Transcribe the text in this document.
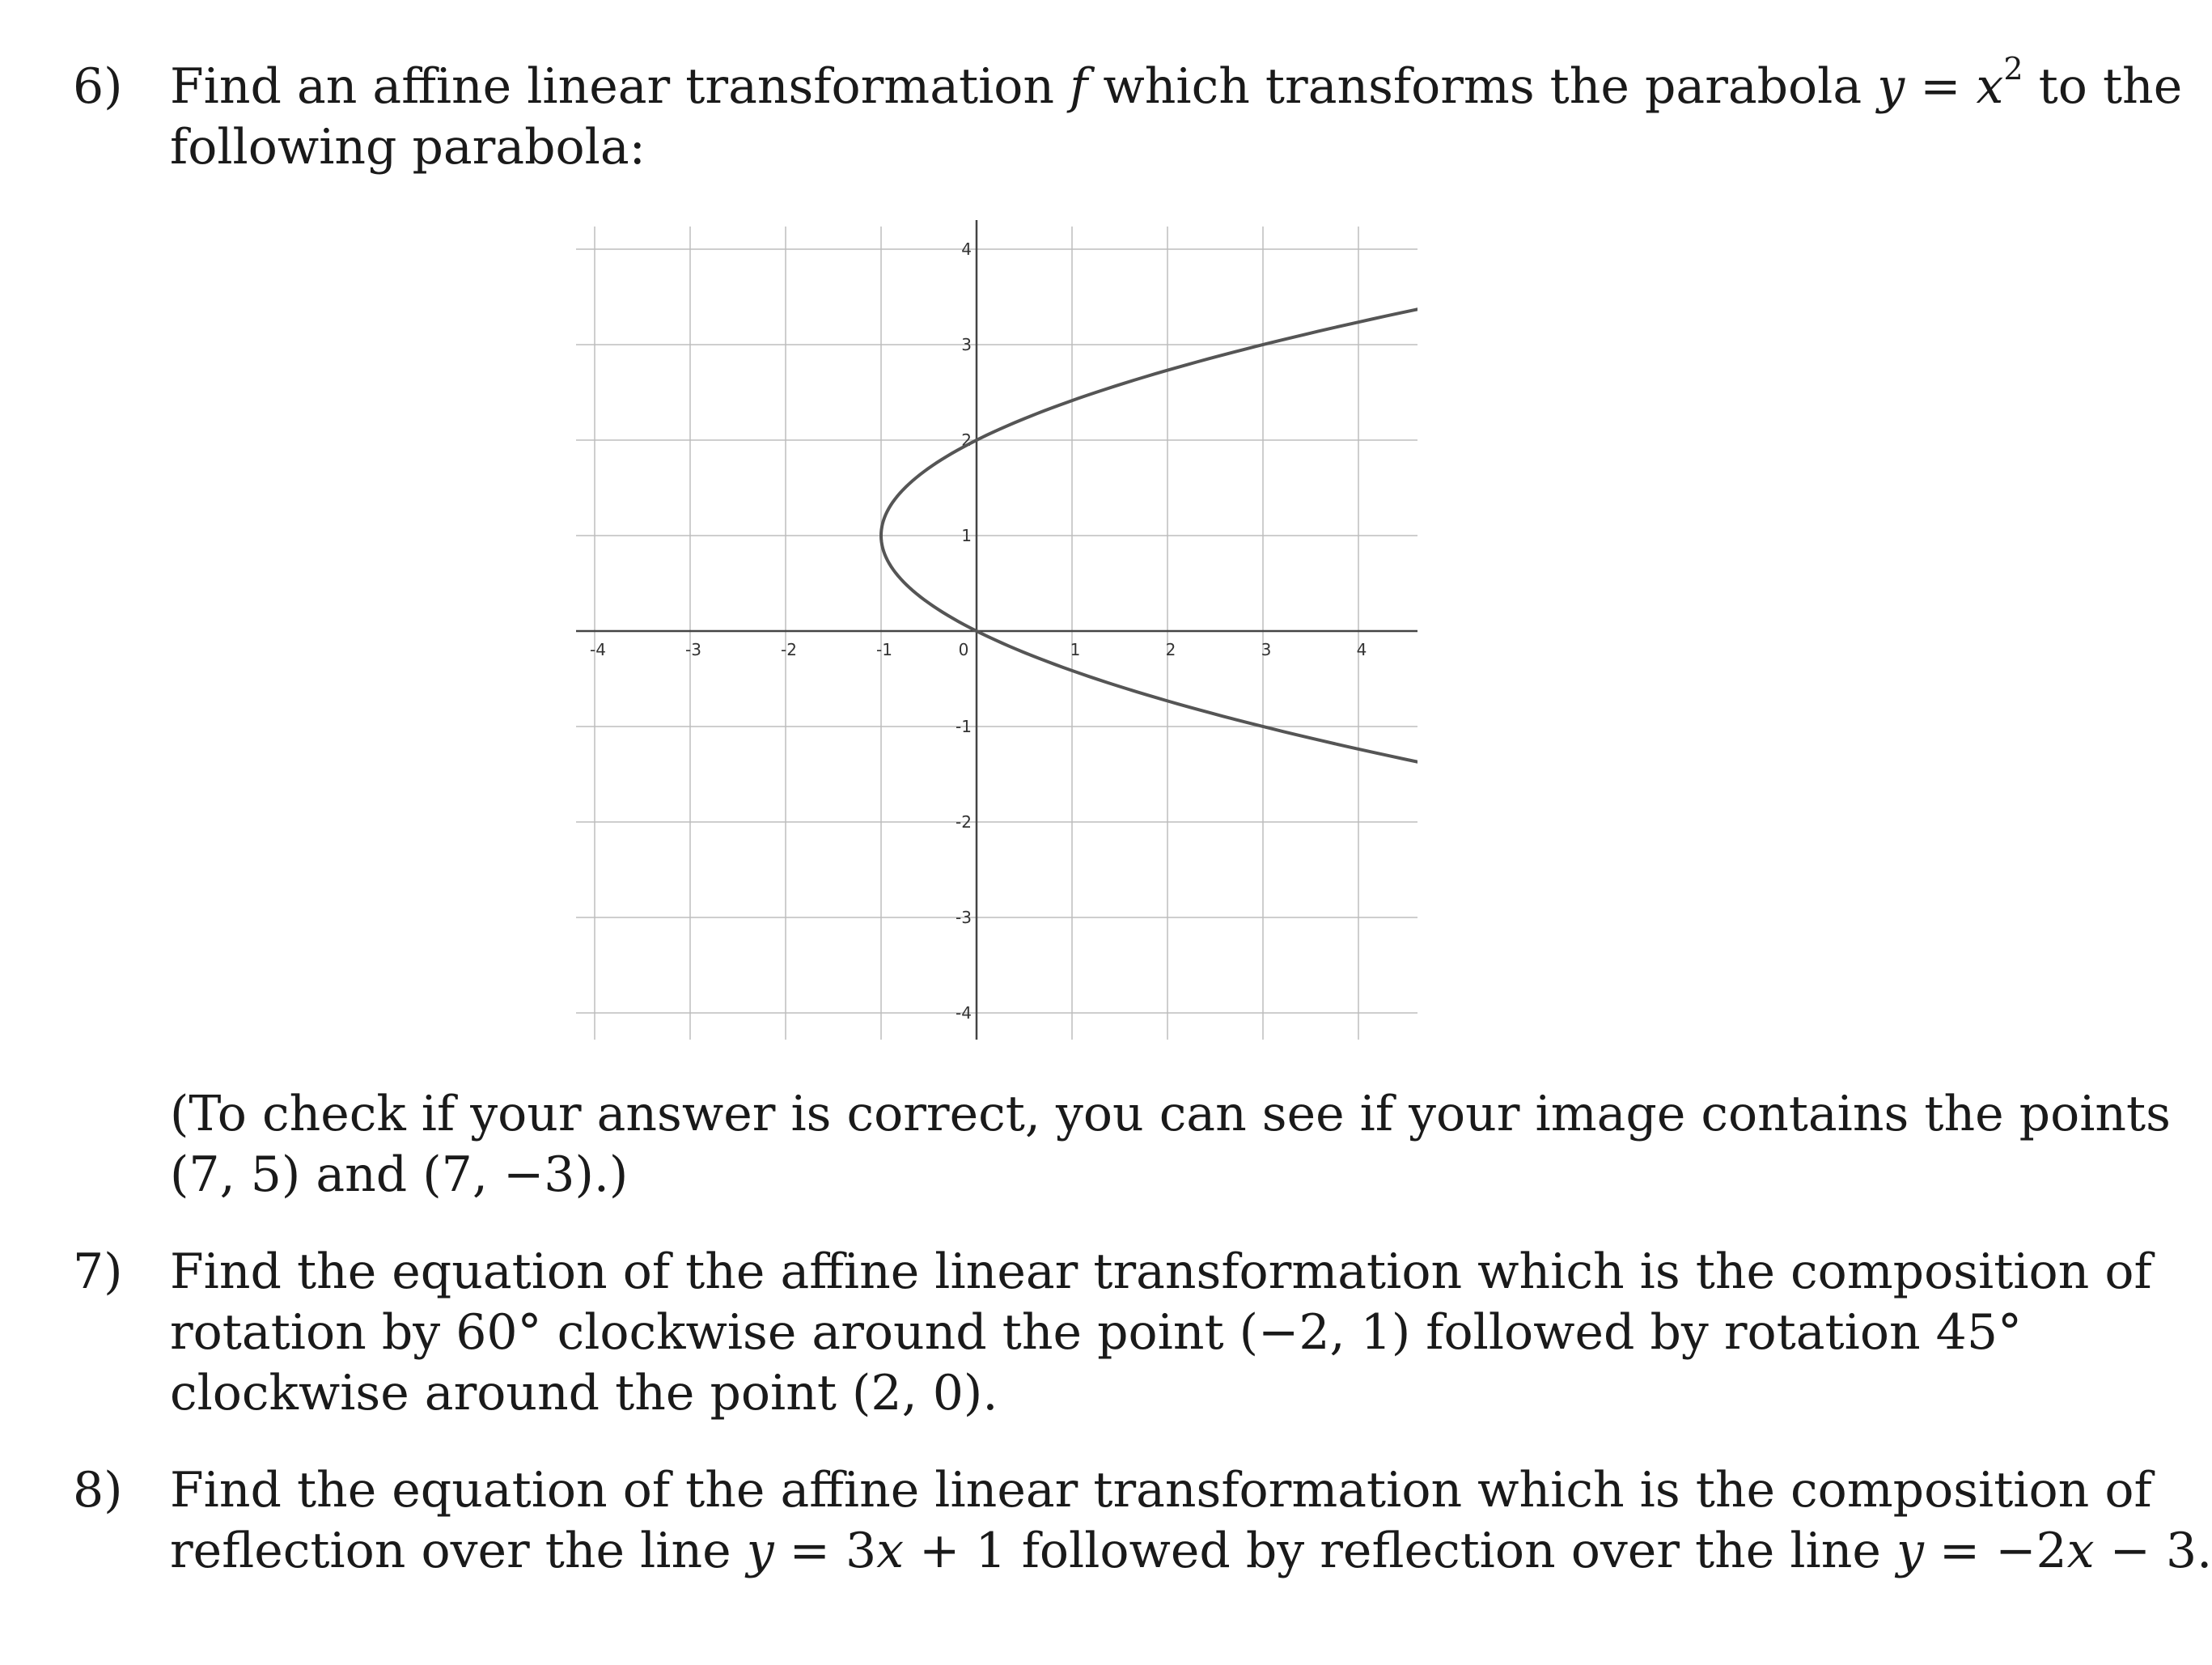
6) Find an affine linear transformation f which transforms the parabola $y = x^2$ to the
following parabola:
-4	-3	-2	-1	0	1	2	3	4
-4
-3
-2
-1
1
2
3
4
(To check if your answer is correct, you can see if your image contains the points
(7, 5) and (7, −3).)
7) Find the equation of the affine linear transformation which is the composition of
rotation by 60° clockwise around the point (−2, 1) followed by rotation 45°
clockwise around the point (2, 0).
8) Find the equation of the affine linear transformation which is the composition of
reflection over the line y = 3x + 1 followed by reflection over the line y = −2x − 3.
